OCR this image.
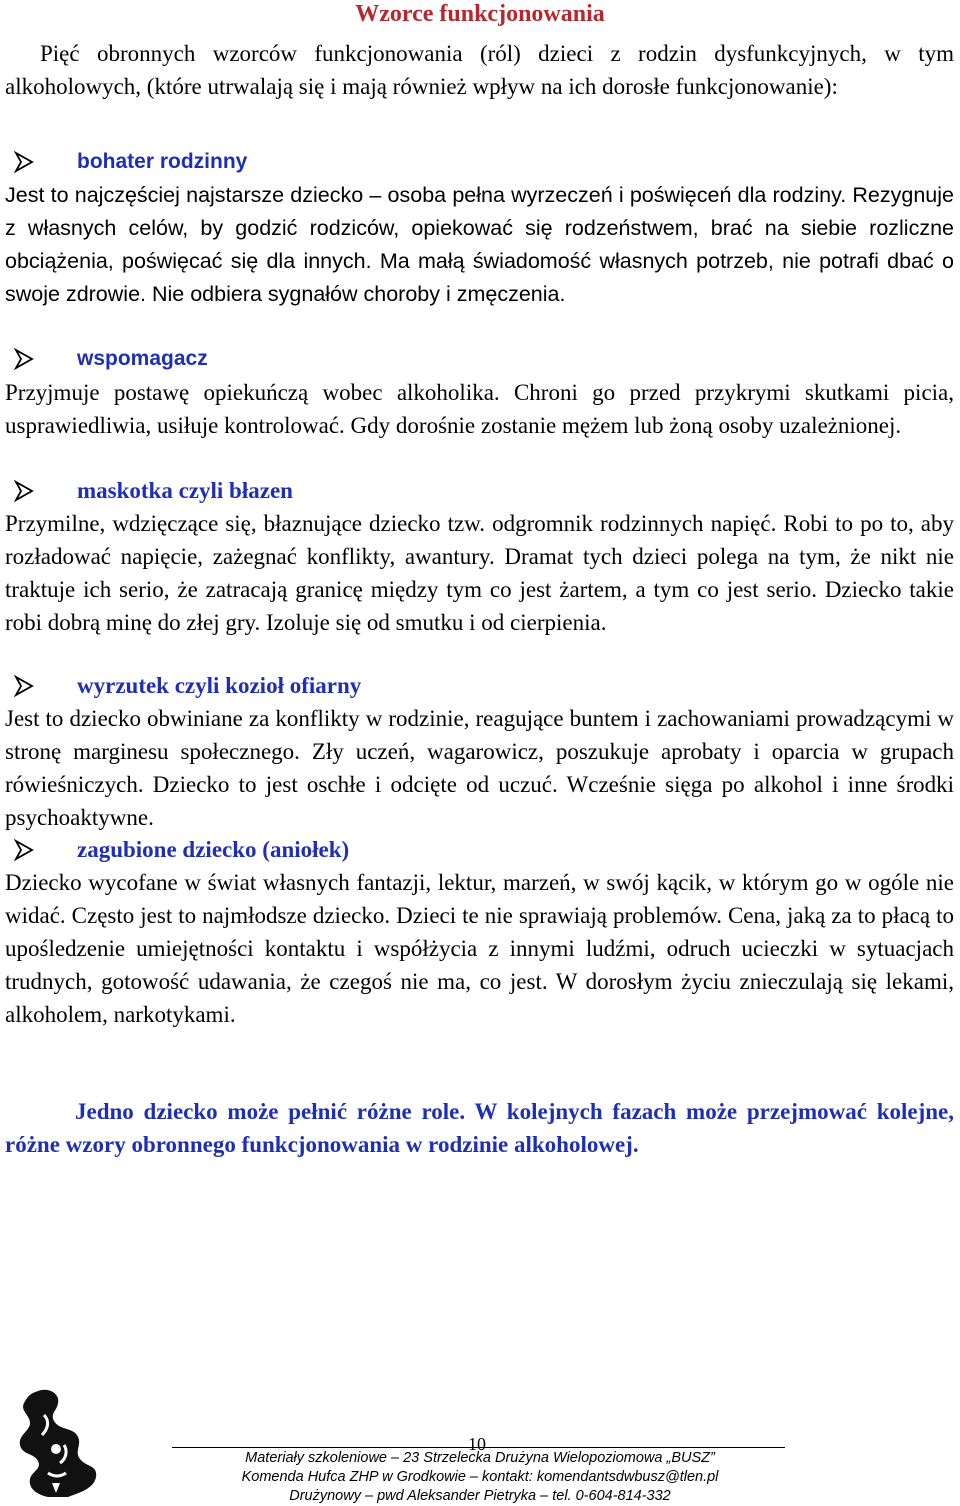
Wzorce funkcjonowania

Pięć obronnych wzorców funkcjonowania (ról) dzieci z rodzin dysfunkcyjnych, w tym alkoholowych, (które utrwalają się i mają również wpływ na ich dorosłe funkcjonowanie):

bohater rodzinny

Jest to najczęściej najstarsze dziecko – osoba pełna wyrzeczeń i poświęceń dla rodziny. Rezygnuje z własnych celów, by godzić rodziców, opiekować się rodzeństwem, brać na siebie rozliczne obciążenia, poświęcać się dla innych. Ma małą świadomość własnych potrzeb, nie potrafi dbać o swoje zdrowie. Nie odbiera sygnałów choroby i zmęczenia.

wspomagacz

Przyjmuje postawę opiekuńczą wobec alkoholika. Chroni go przed przykrymi skutkami picia, usprawiedliwia, usiłuje kontrolować. Gdy dorośnie zostanie mężem lub żoną osoby uzależnionej.

maskotka czyli błazen

Przymilne, wdzięczące się, błaznujące dziecko tzw. odgromnik rodzinnych napięć. Robi to po to, aby rozładować napięcie, zażegnać konflikty, awantury. Dramat tych dzieci polega na tym, że nikt nie traktuje ich serio, że zatracają granicę między tym co jest żartem, a tym co jest serio. Dziecko takie robi dobrą minę do złej gry. Izoluje się od smutku i od cierpienia.

wyrzutek czyli kozioł ofiarny

Jest to dziecko obwiniane za konflikty w rodzinie, reagujące buntem i zachowaniami prowadzącymi w stronę marginesu społecznego. Zły uczeń, wagarowicz, poszukuje aprobaty i oparcia w grupach rówieśniczych. Dziecko to jest oschłe i odcięte od uczuć. Wcześnie sięga po alkohol i inne środki psychoaktywne.

zagubione dziecko (aniołek)

Dziecko wycofane w świat własnych fantazji, lektur, marzeń, w swój kącik, w którym go w ogóle nie widać. Często jest to najmłodsze dziecko. Dzieci te nie sprawiają problemów. Cena, jaką za to płacą to upośledzenie umiejętności kontaktu i współżycia z innymi ludźmi, odruch ucieczki w sytuacjach trudnych, gotowość udawania, że czegoś nie ma, co jest. W dorosłym życiu znieczulają się lekami, alkoholem, narkotykami.

Jedno dziecko może pełnić różne role. W kolejnych fazach może przejmować kolejne, różne wzory obronnego funkcjonowania w rodzinie alkoholowej.

10
Materiały szkoleniowe – 23 Strzelecka Drużyna Wielopoziomowa „BUSZ”
Komenda Hufca ZHP w Grodkowie – kontakt: komendantsdwbusz@tlen.pl
Drużynowy – pwd Aleksander Pietryka – tel. 0-604-814-332
